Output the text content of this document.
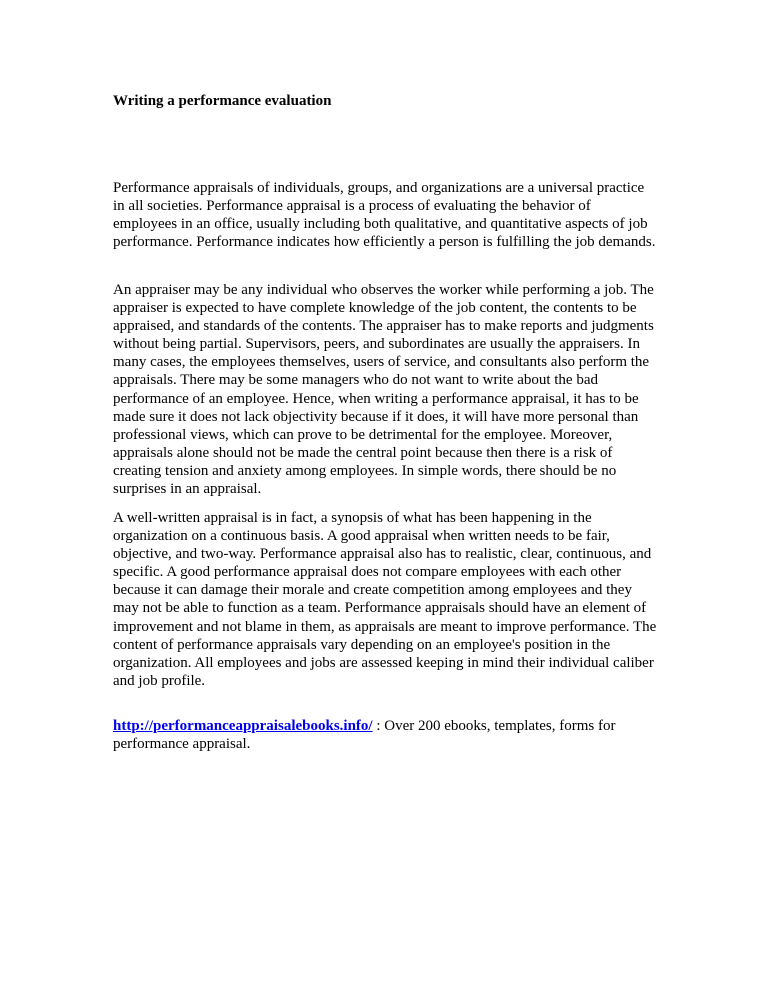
Writing a performance evaluation

Performance appraisals of individuals, groups, and organizations are a universal practice in all societies. Performance appraisal is a process of evaluating the behavior of employees in an office, usually including both qualitative, and quantitative aspects of job performance. Performance indicates how efficiently a person is fulfilling the job demands.

An appraiser may be any individual who observes the worker while performing a job. The appraiser is expected to have complete knowledge of the job content, the contents to be appraised, and standards of the contents. The appraiser has to make reports and judgments without being partial. Supervisors, peers, and subordinates are usually the appraisers. In many cases, the employees themselves, users of service, and consultants also perform the appraisals. There may be some managers who do not want to write about the bad performance of an employee. Hence, when writing a performance appraisal, it has to be made sure it does not lack objectivity because if it does, it will have more personal than professional views, which can prove to be detrimental for the employee. Moreover, appraisals alone should not be made the central point because then there is a risk of creating tension and anxiety among employees. In simple words, there should be no surprises in an appraisal.

A well-written appraisal is in fact, a synopsis of what has been happening in the organization on a continuous basis. A good appraisal when written needs to be fair, objective, and two-way. Performance appraisal also has to realistic, clear, continuous, and specific. A good performance appraisal does not compare employees with each other because it can damage their morale and create competition among employees and they may not be able to function as a team. Performance appraisals should have an element of improvement and not blame in them, as appraisals are meant to improve performance. The content of performance appraisals vary depending on an employee's position in the organization. All employees and jobs are assessed keeping in mind their individual caliber and job profile.

http://performanceappraisalebooks.info/ : Over 200 ebooks, templates, forms for performance appraisal.
